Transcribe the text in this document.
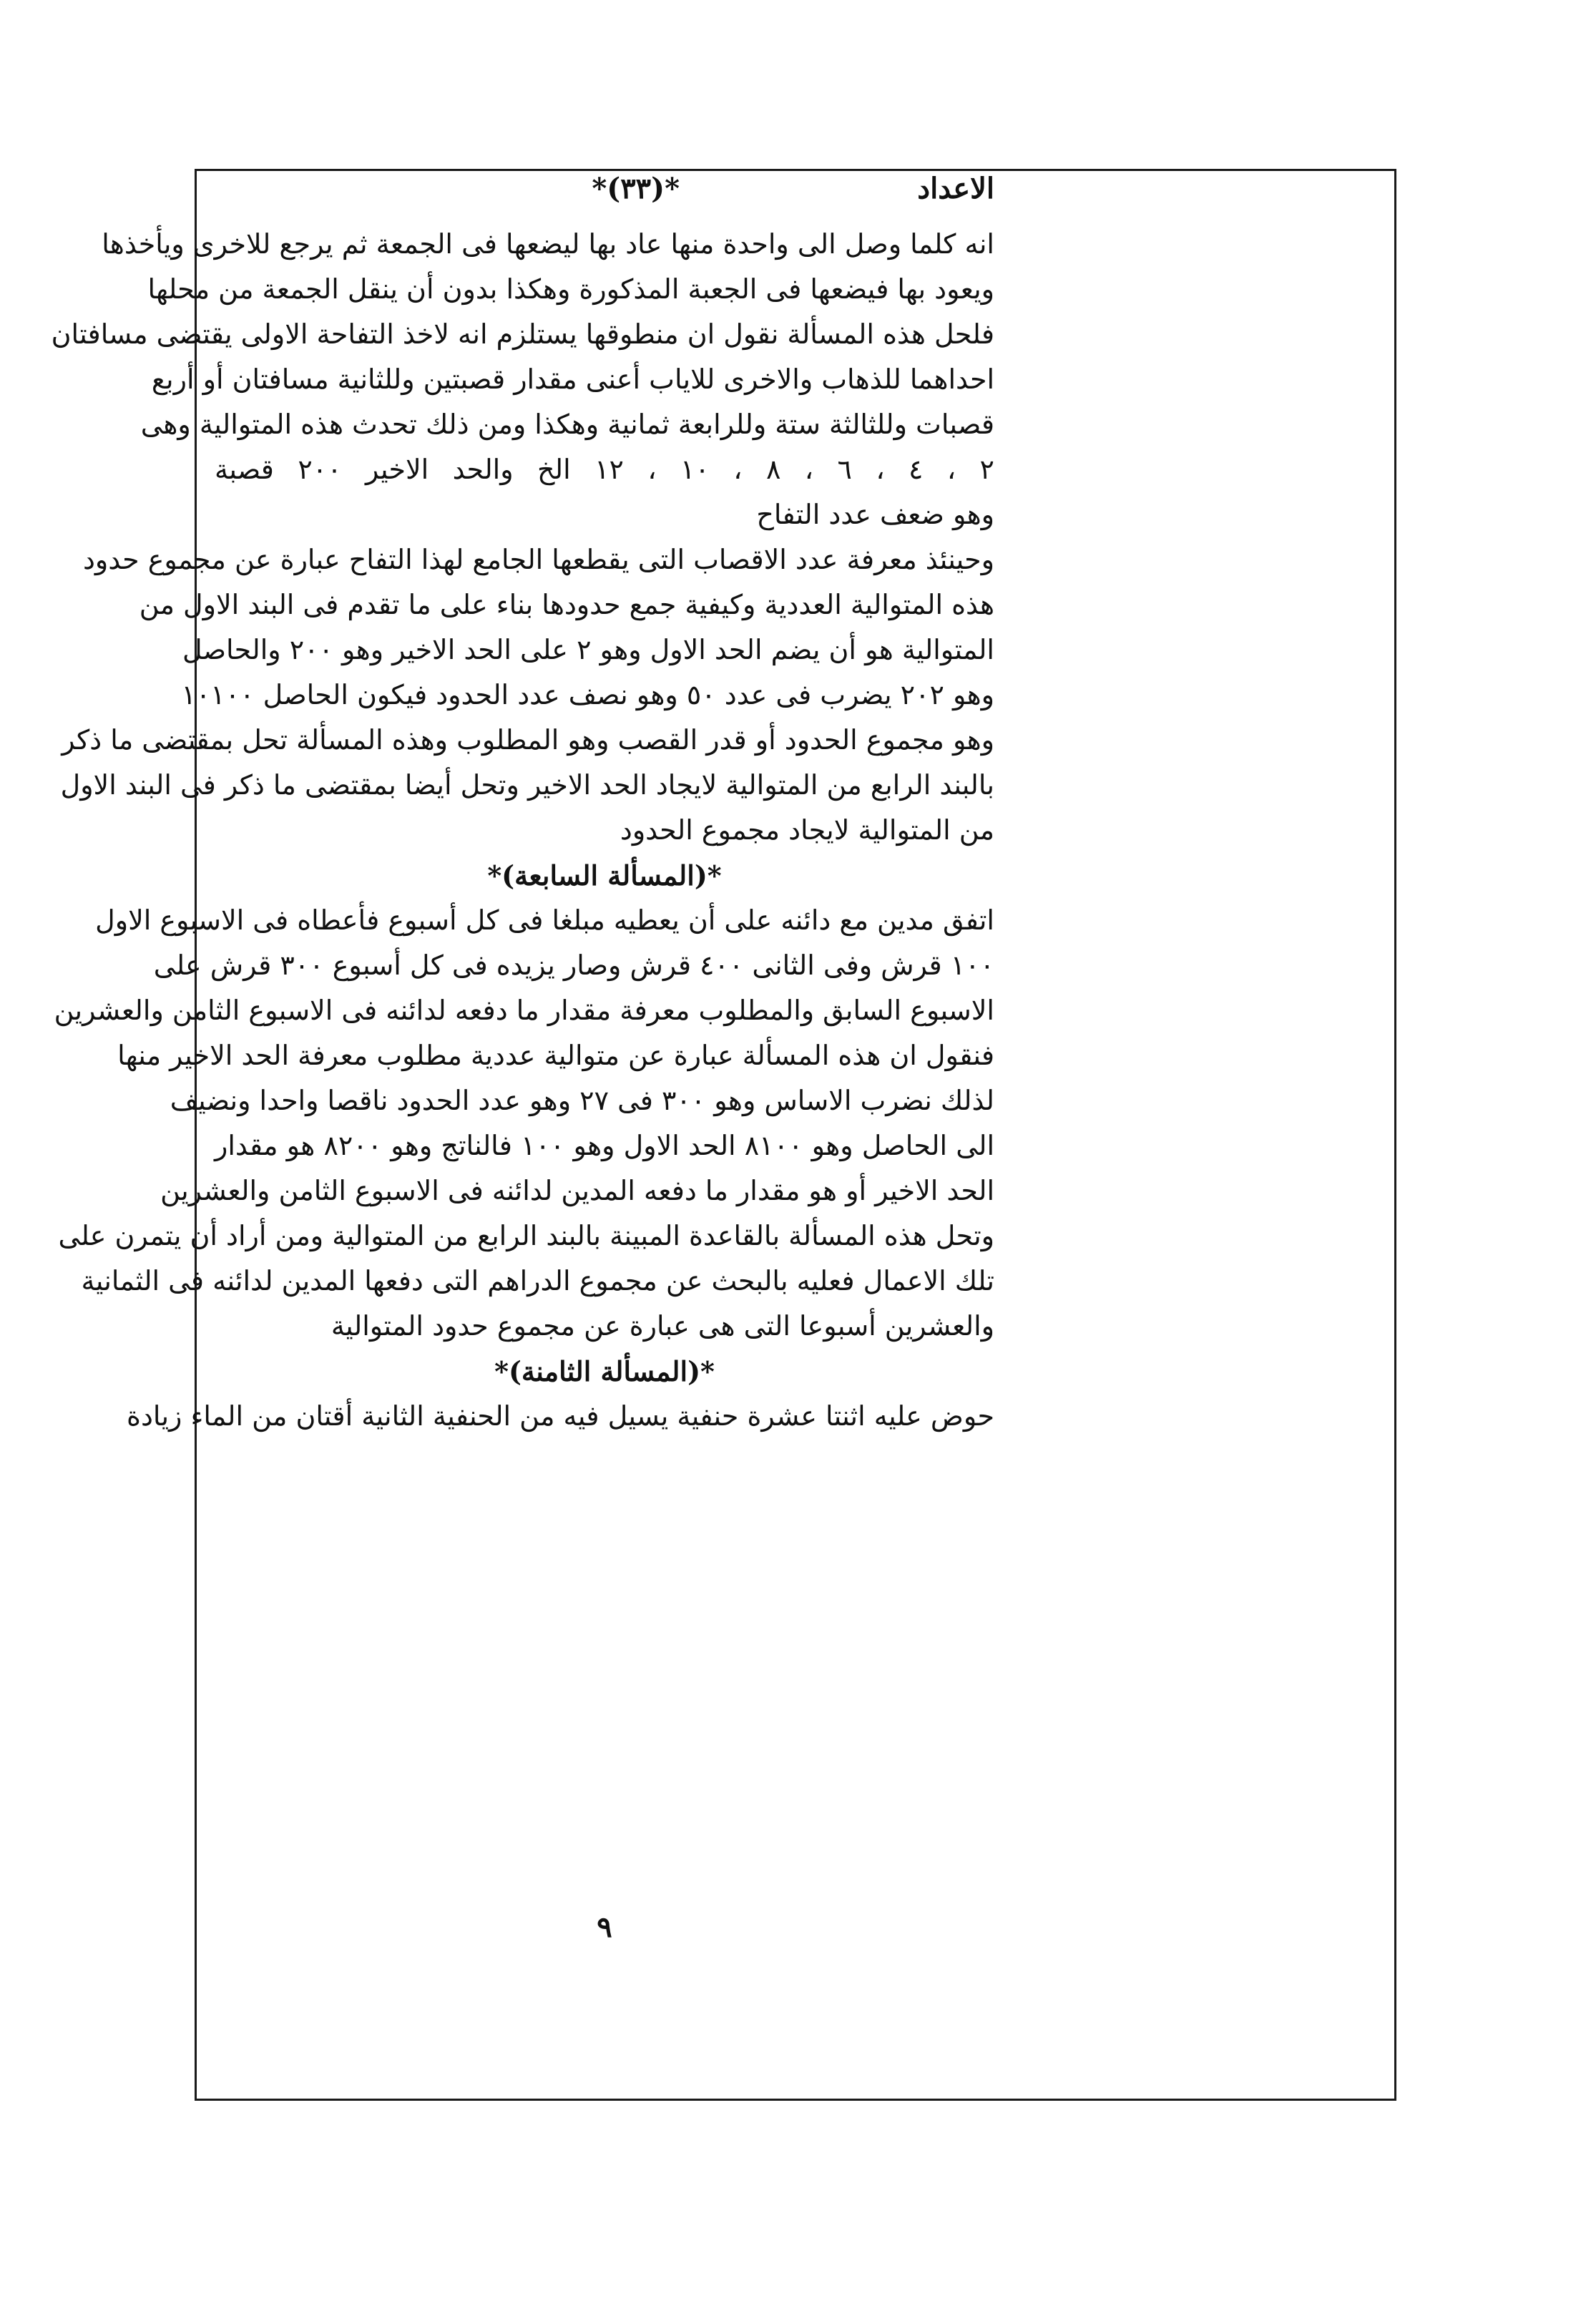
الاعداد
*(٣٣)*
انه كلما وصل الى واحدة منها عاد بها ليضعها فى الجمعة ثم يرجع للاخرى ويأخذها
ويعود بها فيضعها فى الجعبة المذكورة وهكذا بدون أن ينقل الجمعة من محلها
فلحل هذه المسألة نقول ان منطوقها يستلزم انه لاخذ التفاحة الاولى يقتضى مسافتان
احداهما للذهاب والاخرى للاياب أعنى مقدار قصبتين وللثانية مسافتان أو أربع
قصبات وللثالثة ستة وللرابعة ثمانية وهكذا ومن ذلك تحدث هذه المتوالية وهى
٢ ، ٤ ، ٦ ، ٨ ، ١٠ ، ١٢ الخ والحد الاخير ٢٠٠ قصبة
وهو ضعف عدد التفاح
وحينئذ معرفة عدد الاقصاب التى يقطعها الجامع لهذا التفاح عبارة عن مجموع حدود
هذه المتوالية العددية وكيفية جمع حدودها بناء على ما تقدم فى البند الاول من
المتوالية هو أن يضم الحد الاول وهو ٢ على الحد الاخير وهو ٢٠٠ والحاصل
وهو ٢٠٢ يضرب فى عدد ٥٠ وهو نصف عدد الحدود فيكون الحاصل ١٠١٠٠
وهو مجموع الحدود أو قدر القصب وهو المطلوب وهذه المسألة تحل بمقتضى ما ذكر
بالبند الرابع من المتوالية لايجاد الحد الاخير وتحل أيضا بمقتضى ما ذكر فى البند الاول
من المتوالية لايجاد مجموع الحدود
*(المسألة السابعة)*
اتفق مدين مع دائنه على أن يعطيه مبلغا فى كل أسبوع فأعطاه فى الاسبوع الاول
١٠٠ قرش وفى الثانى ٤٠٠ قرش وصار يزيده فى كل أسبوع ٣٠٠ قرش على
الاسبوع السابق والمطلوب معرفة مقدار ما دفعه لدائنه فى الاسبوع الثامن والعشرين
فنقول ان هذه المسألة عبارة عن متوالية عددية مطلوب معرفة الحد الاخير منها
لذلك نضرب الاساس وهو ٣٠٠ فى ٢٧ وهو عدد الحدود ناقصا واحدا ونضيف
الى الحاصل وهو ٨١٠٠ الحد الاول وهو ١٠٠ فالناتج وهو ٨٢٠٠ هو مقدار
الحد الاخير أو هو مقدار ما دفعه المدين لدائنه فى الاسبوع الثامن والعشرين
وتحل هذه المسألة بالقاعدة المبينة بالبند الرابع من المتوالية ومن أراد أن يتمرن على
تلك الاعمال فعليه بالبحث عن مجموع الدراهم التى دفعها المدين لدائنه فى الثمانية
والعشرين أسبوعا التى هى عبارة عن مجموع حدود المتوالية
*(المسألة الثامنة)*
حوض عليه اثنتا عشرة حنفية يسيل فيه من الحنفية الثانية أقتان من الماء زيادة
٩
